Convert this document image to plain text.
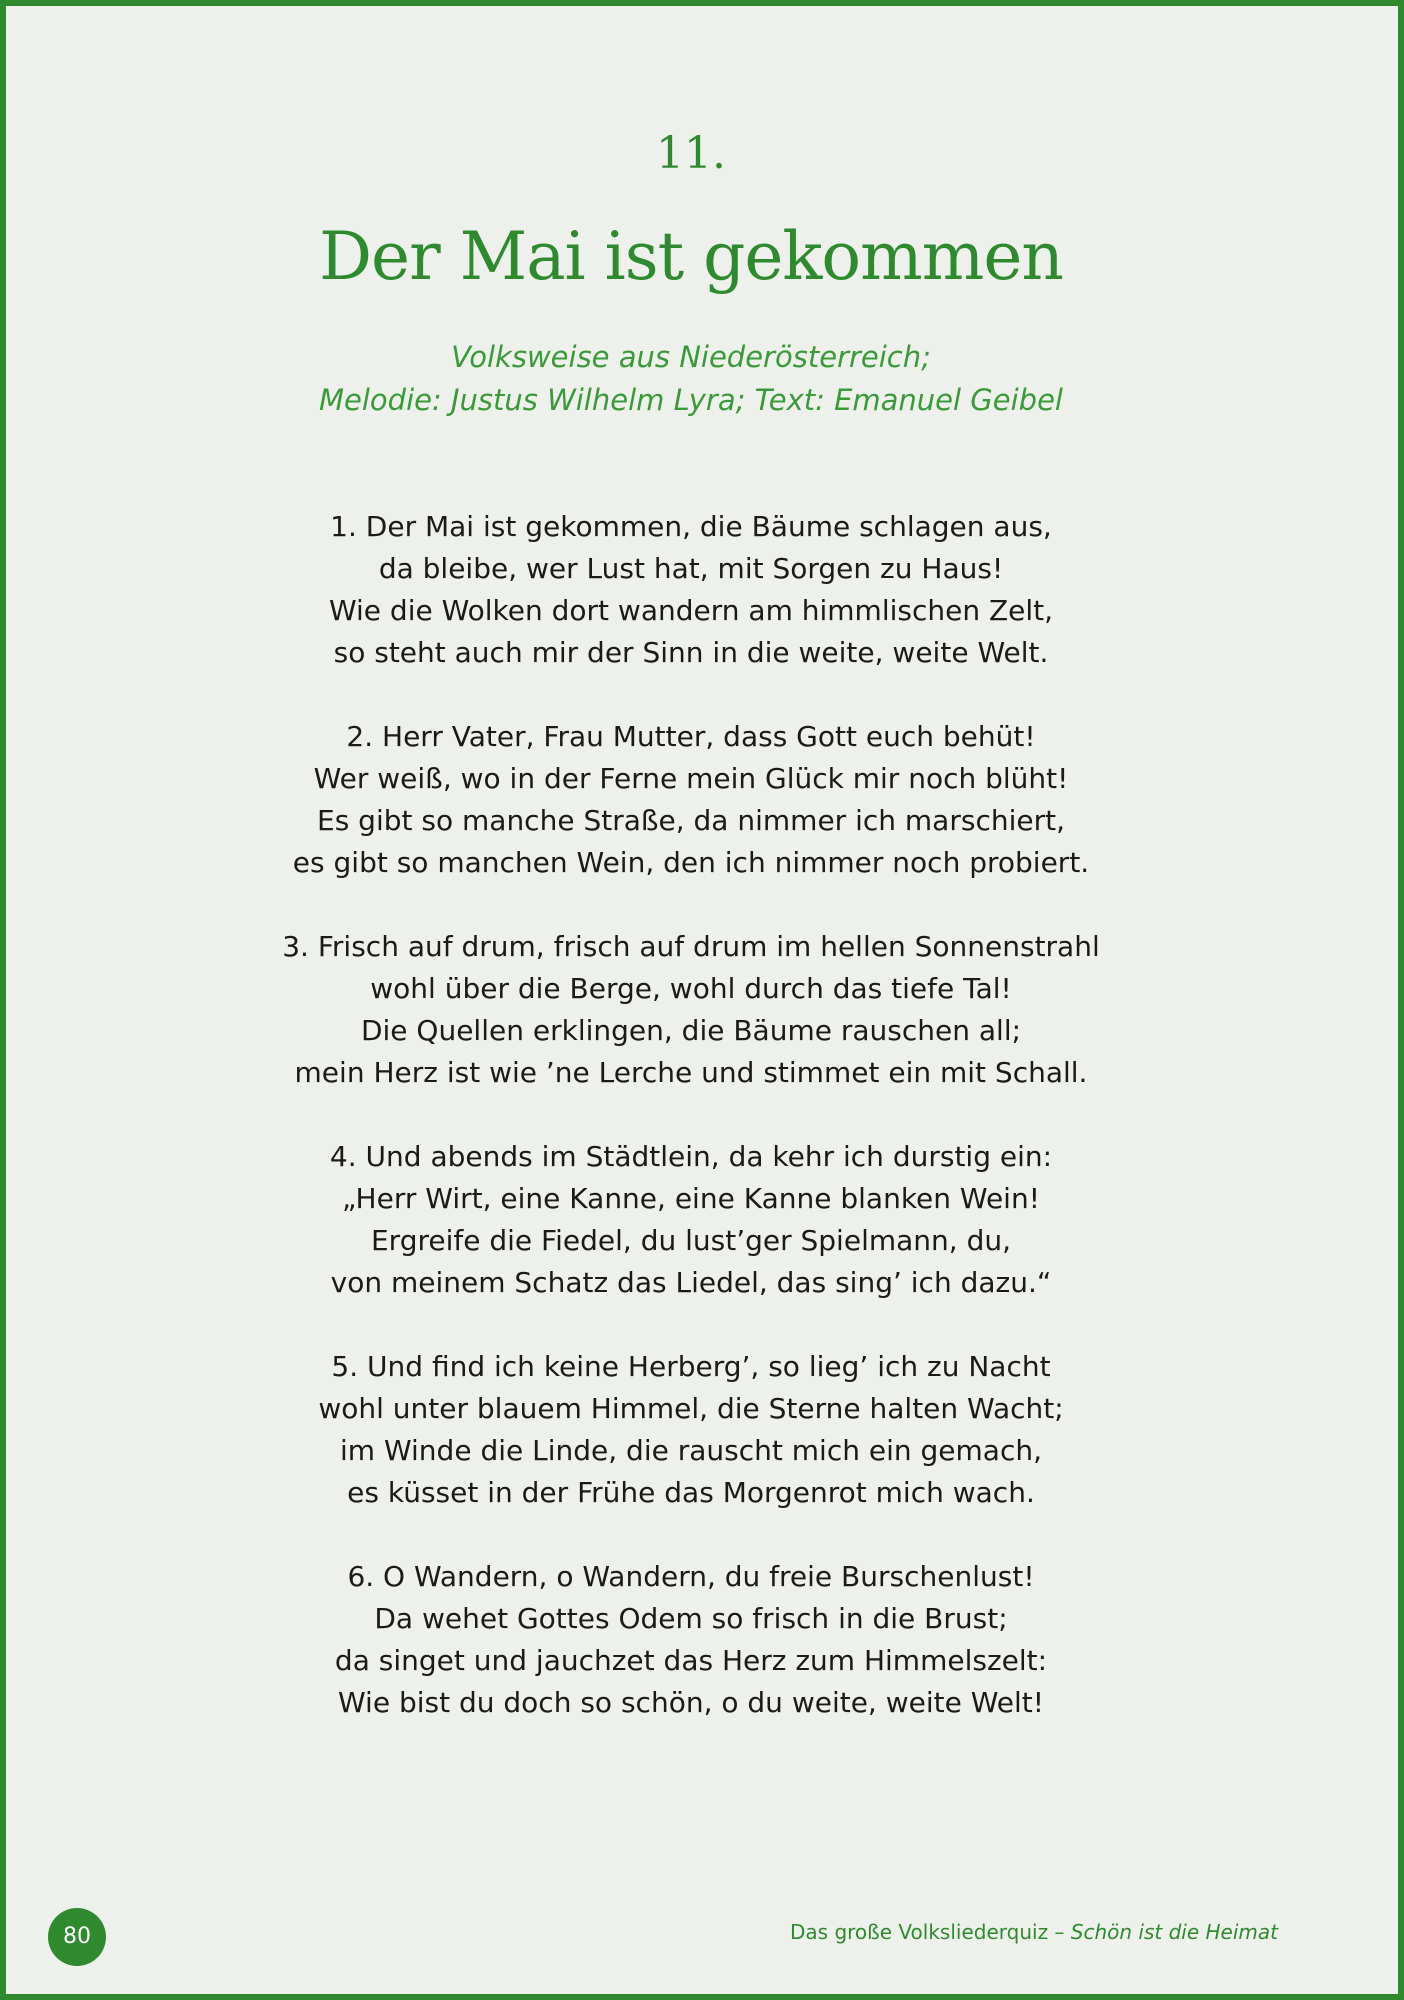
11.
Der Mai ist gekommen
Volksweise aus Niederösterreich;
Melodie: Justus Wilhelm Lyra; Text: Emanuel Geibel
1. Der Mai ist gekommen, die Bäume schlagen aus,
da bleibe, wer Lust hat, mit Sorgen zu Haus!
Wie die Wolken dort wandern am himmlischen Zelt,
so steht auch mir der Sinn in die weite, weite Welt.
2. Herr Vater, Frau Mutter, dass Gott euch behüt!
Wer weiß, wo in der Ferne mein Glück mir noch blüht!
Es gibt so manche Straße, da nimmer ich marschiert,
es gibt so manchen Wein, den ich nimmer noch probiert.
3. Frisch auf drum, frisch auf drum im hellen Sonnenstrahl
wohl über die Berge, wohl durch das tiefe Tal!
Die Quellen erklingen, die Bäume rauschen all;
mein Herz ist wie ’ne Lerche und stimmet ein mit Schall.
4. Und abends im Städtlein, da kehr ich durstig ein:
„Herr Wirt, eine Kanne, eine Kanne blanken Wein!
Ergreife die Fiedel, du lust’ger Spielmann, du,
von meinem Schatz das Liedel, das sing’ ich dazu.“
5. Und find ich keine Herberg’, so lieg’ ich zu Nacht
wohl unter blauem Himmel, die Sterne halten Wacht;
im Winde die Linde, die rauscht mich ein gemach,
es küsset in der Frühe das Morgenrot mich wach.
6. O Wandern, o Wandern, du freie Burschenlust!
Da wehet Gottes Odem so frisch in die Brust;
da singet und jauchzet das Herz zum Himmelszelt:
Wie bist du doch so schön, o du weite, weite Welt!
80	Das große Volksliederquiz – Schön ist die Heimat
